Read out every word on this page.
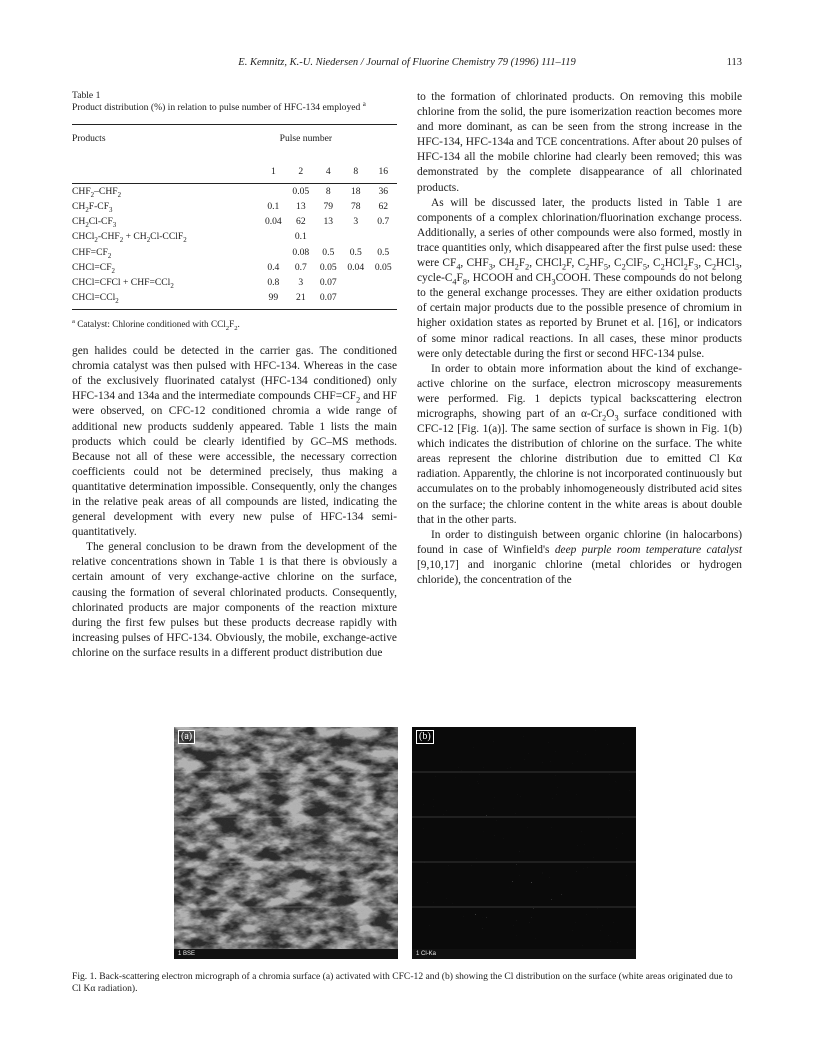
E. Kemnitz, K.-U. Niedersen / Journal of Fluorine Chemistry 79 (1996) 111–119	113
Table 1
Product distribution (%) in relation to pulse number of HFC-134 employed $^a$
Products	Pulse number				
	1	2	4	8	16
$CHF_2-CHF_2$		0.05	8	18	36
$CH_2F-CF_3$	0.1	13	79	78	62
$CH_2Cl-CF_3$	0.04	62	13	3	0.7
$CHCl_2-CHF_2$ + $CH_2Cl-CClF_2$		0.1			
$CHF=CF_2$		0.08	0.5	0.5	0.5
$CHCl=CF_2$	0.4	0.7	0.05	0.04	0.05
CHCl=CFCl + CHF=CCl$_2$	0.8	3	0.07		
CHCl=CCl$_2$	99	21	0.07		
$^a$ Catalyst: Chlorine conditioned with $CCl_2F_2$.

gen halides could be detected in the carrier gas. The conditioned chromia catalyst was then pulsed with HFC-134. Whereas in the case of the exclusively fluorinated catalyst (HFC-134 conditioned) only HFC-134 and 134a and the intermediate compounds $CHF=CF_2$ and HF were observed, on CFC-12 conditioned chromia a wide range of additional new products suddenly appeared. Table 1 lists the main products which could be clearly identified by GC–MS methods. Because not all of these were accessible, the necessary correction coefficients could not be determined precisely, thus making a quantitative determination impossible. Consequently, only the changes in the relative peak areas of all compounds are listed, indicating the general development with every new pulse of HFC-134 semi-quantitatively.

The general conclusion to be drawn from the development of the relative concentrations shown in Table 1 is that there is obviously a certain amount of very exchange-active chlorine on the surface, causing the formation of several chlorinated products. Consequently, chlorinated products are major components of the reaction mixture during the first few pulses but these products decrease rapidly with increasing pulses of HFC-134. Obviously, the mobile, exchange-active chlorine on the surface results in a different product distribution due

to the formation of chlorinated products. On removing this mobile chlorine from the solid, the pure isomerization reaction becomes more and more dominant, as can be seen from the strong increase in the HFC-134, HFC-134a and TCE concentrations. After about 20 pulses of HFC-134 all the mobile chlorine had clearly been removed; this was demonstrated by the complete disappearance of all chlorinated products.

As will be discussed later, the products listed in Table 1 are components of a complex chlorination/fluorination exchange process. Additionally, a series of other compounds were also formed, mostly in trace quantities only, which disappeared after the first pulse used: these were $CF_4$, $CHF_3$, $CH_2F_2$, CHCl$_2$F, $C_2HF_5$, $C_2ClF_5$, $C_2HCl_2F_3$, $C_2HCl_3$, cycle-$C_4F_8$, HCOOH and $CH_3COOH$. These compounds do not belong to the general exchange processes. They are either oxidation products of certain major products due to the possible presence of chromium in higher oxidation states as reported by Brunet et al. [16], or indicators of some minor radical reactions. In all cases, these minor products were only detectable during the first or second HFC-134 pulse.

In order to obtain more information about the kind of exchange-active chlorine on the surface, electron microscopy measurements were performed. Fig. 1 depicts typical backscattering electron micrographs, showing part of an $\alpha-Cr_2O_3$ surface conditioned with CFC-12 [Fig. 1(a)]. The same section of surface is shown in Fig. 1(b) which indicates the distribution of chlorine on the surface. The white areas represent the chlorine distribution due to emitted Cl Kα radiation. Apparently, the chlorine is not incorporated continuously but accumulates on to the probably inhomogeneously distributed acid sites on the surface; the chlorine content in the white areas is about double that in the other parts.

In order to distinguish between organic chlorine (in halocarbons) found in case of Winfield's deep purple room temperature catalyst [9,10,17] and inorganic chlorine (metal chlorides or hydrogen chloride), the concentration of the

(a)
1 BSE
(b)
1 Cl-Ka
Fig. 1. Back-scattering electron micrograph of a chromia surface (a) activated with CFC-12 and (b) showing the Cl distribution on the surface (white areas originated due to Cl Kα radiation).
